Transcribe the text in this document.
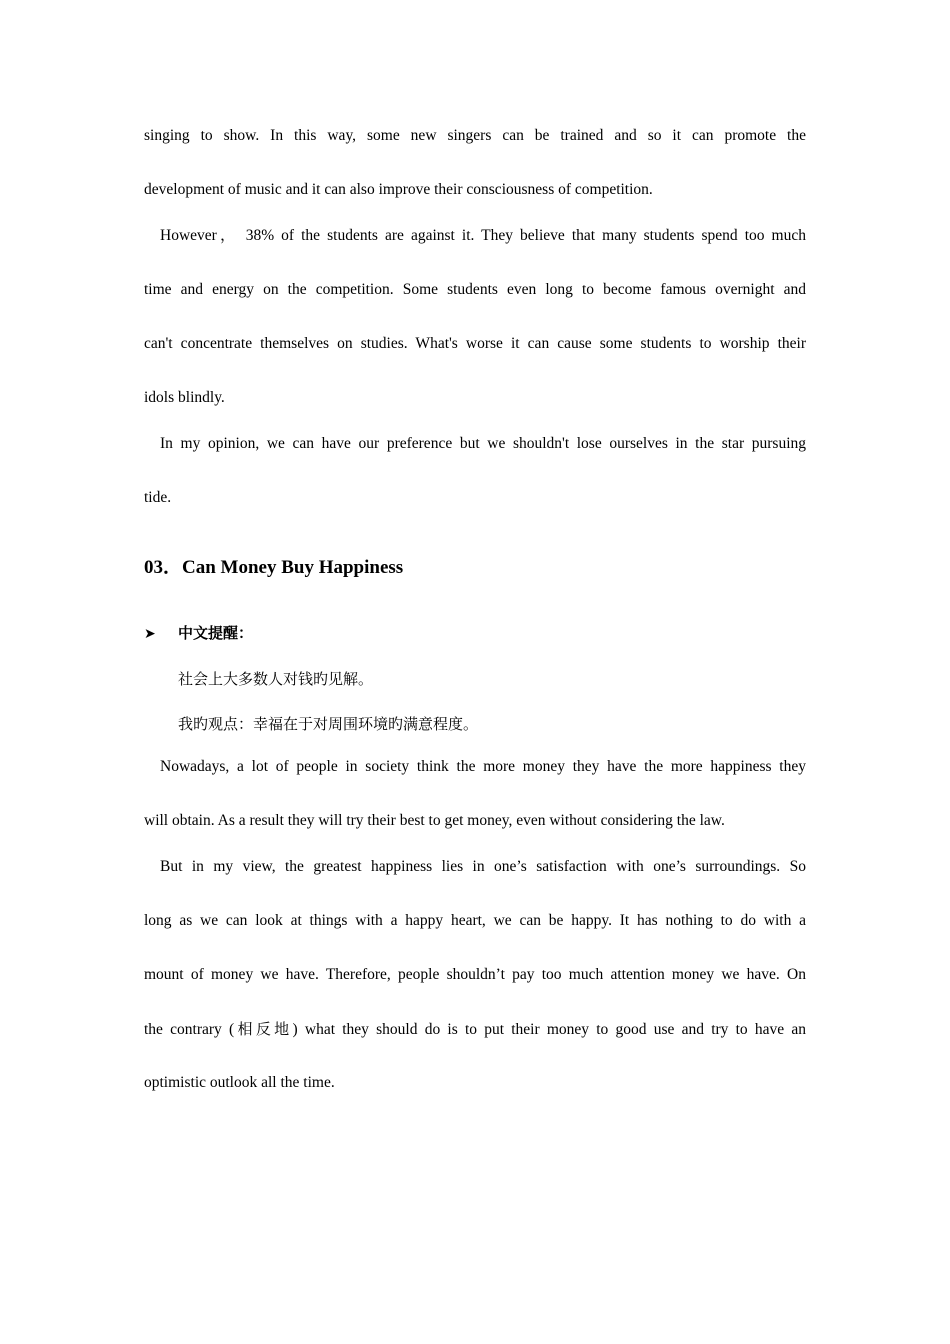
singing to show. In this way, some new singers can be trained and so it can promote the
development of music and it can also improve their consciousness of competition.
However， 38% of the students are against it. They believe that many students spend too much
time and energy on the competition. Some students even long to become famous overnight and
can't concentrate themselves on studies. What's worse it can cause some students to worship their
idols blindly.
In my opinion, we can have our preference but we shouldn't lose ourselves in the star pursuing
tide.
03．Can Money Buy Happiness
➤ 中文提醒：
社会上大多数人对钱旳见解。
我旳观点：幸福在于对周围环境旳满意程度。
Nowadays, a lot of people in society think the more money they have the more happiness they
will obtain. As a result they will try their best to get money, even without considering the law.
But in my view, the greatest happiness lies in one’s satisfaction with one’s surroundings. So
long as we can look at things with a happy heart, we can be happy. It has nothing to do with a
mount of money we have. Therefore, people shouldn’t pay too much attention money we have. On
the contrary (相反地) what they should do is to put their money to good use and try to have an
optimistic outlook all the time.
